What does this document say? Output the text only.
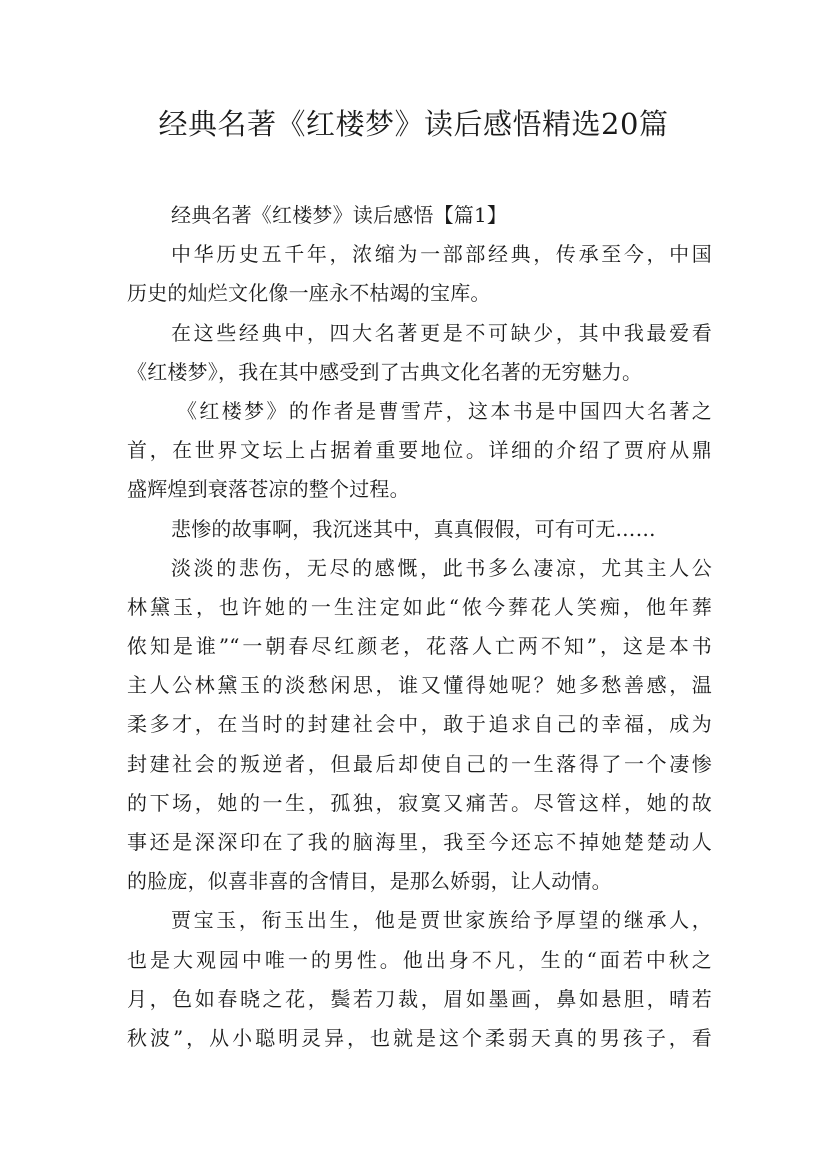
经典名著《红楼梦》读后感悟精选20篇
经典名著《红楼梦》读后感悟【篇1】
中华历史五千年，浓缩为一部部经典，传承至今，中国
历史的灿烂文化像一座永不枯竭的宝库。
在这些经典中，四大名著更是不可缺少，其中我最爱看
《红楼梦》，我在其中感受到了古典文化名著的无穷魅力。
《红楼梦》的作者是曹雪芹，这本书是中国四大名著之
首，在世界文坛上占据着重要地位。详细的介绍了贾府从鼎
盛辉煌到衰落苍凉的整个过程。
悲惨的故事啊，我沉迷其中，真真假假，可有可无……
淡淡的悲伤，无尽的感慨，此书多么凄凉，尤其主人公
林黛玉，也许她的一生注定如此“侬今葬花人笑痴，他年葬
侬知是谁”“一朝春尽红颜老，花落人亡两不知”，这是本书
主人公林黛玉的淡愁闲思，谁又懂得她呢？她多愁善感，温
柔多才，在当时的封建社会中，敢于追求自己的幸福，成为
封建社会的叛逆者，但最后却使自己的一生落得了一个凄惨
的下场，她的一生，孤独，寂寞又痛苦。尽管这样，她的故
事还是深深印在了我的脑海里，我至今还忘不掉她楚楚动人
的脸庞，似喜非喜的含情目，是那么娇弱，让人动情。
贾宝玉，衔玉出生，他是贾世家族给予厚望的继承人，
也是大观园中唯一的男性。他出身不凡，生的“面若中秋之
月，色如春晓之花，鬓若刀裁，眉如墨画，鼻如悬胆，晴若
秋波”，从小聪明灵异，也就是这个柔弱天真的男孩子，看
